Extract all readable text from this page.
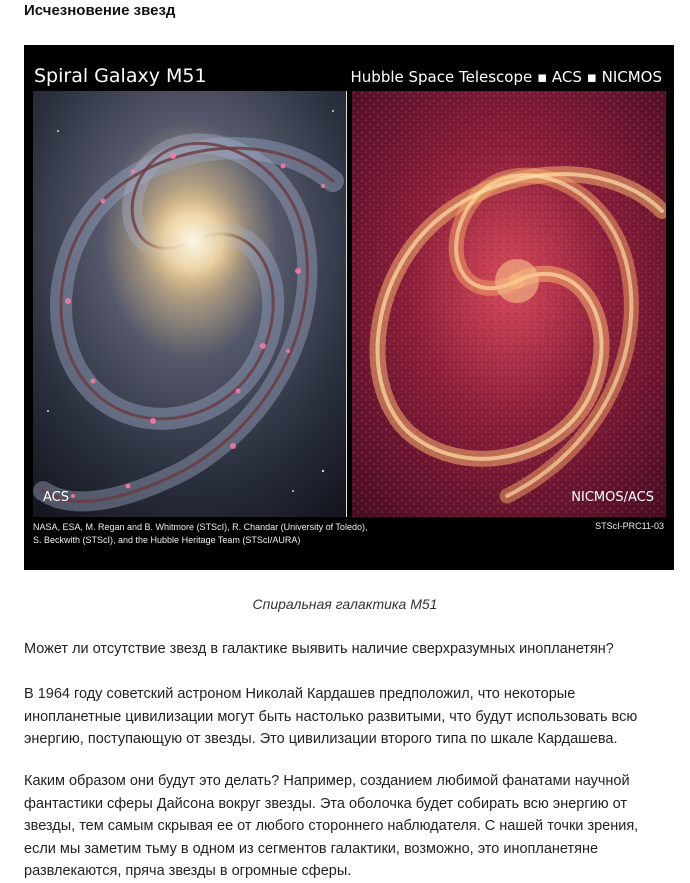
Исчезновение звезд
Spiral Galaxy M51	Hubble Space Telescope ▪ ACS ▪ NICMOS
ACS	NICMOS/ACS
NASA, ESA, M. Regan and B. Whitmore (STScI), R. Chandar (University of Toledo),
S. Beckwith (STScI), and the Hubble Heritage Team (STScI/AURA)
STScI-PRC11-03
Спиральная галактика М51

Может ли отсутствие звезд в галактике выявить наличие сверхразумных инопланетян?

В 1964 году советский астроном Николай Кардашев предположил, что некоторые инопланетные цивилизации могут быть настолько развитыми, что будут использовать всю энергию, поступающую от звезды. Это цивилизации второго типа по шкале Кардашева.

Каким образом они будут это делать? Например, созданием любимой фанатами научной фантастики сферы Дайсона вокруг звезды. Эта оболочка будет собирать всю энергию от звезды, тем самым скрывая ее от любого стороннего наблюдателя. С нашей точки зрения, если мы заметим тьму в одном из сегментов галактики, возможно, это инопланетяне развлекаются, пряча звезды в огромные сферы.
